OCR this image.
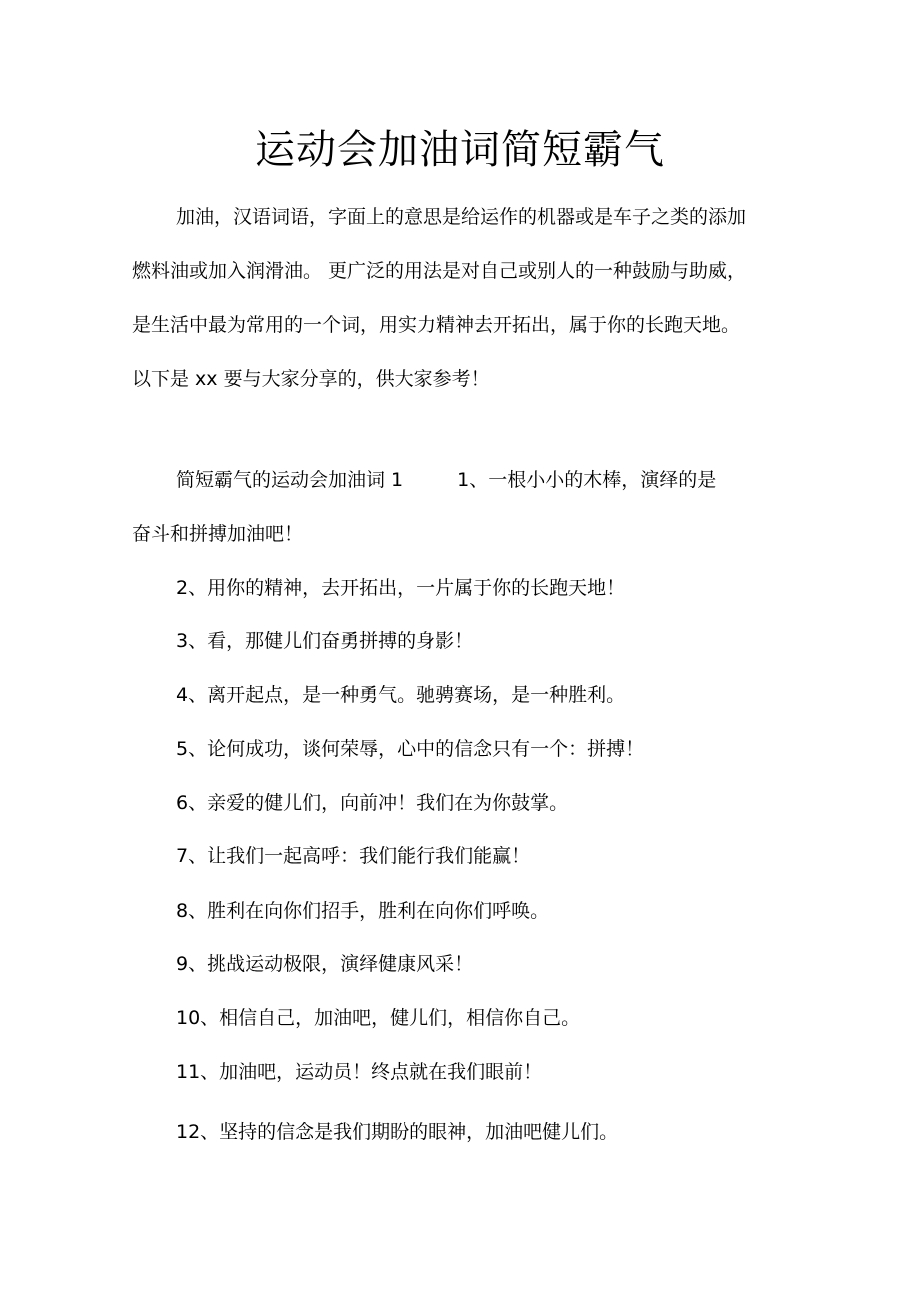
运动会加油词简短霸气

加油，汉语词语，字面上的意思是给运作的机器或是车子之类的添加燃料油或加入润滑油。 更广泛的用法是对自己或别人的一种鼓励与助威，是生活中最为常用的一个词，用实力精神去开拓出，属于你的长跑天地。以下是 xx 要与大家分享的，供大家参考！

简短霸气的运动会加油词 1	1、一根小小的木棒，演绎的是

奋斗和拼搏加油吧！

2、用你的精神，去开拓出，一片属于你的长跑天地！

3、看，那健儿们奋勇拼搏的身影！

4、离开起点，是一种勇气。驰骋赛场，是一种胜利。

5、论何成功，谈何荣辱，心中的信念只有一个：拼搏！

6、亲爱的健儿们，向前冲！我们在为你鼓掌。

7、让我们一起高呼：我们能行我们能赢！

8、胜利在向你们招手，胜利在向你们呼唤。

9、挑战运动极限，演绎健康风采！

10、相信自己，加油吧，健儿们，相信你自己。

11、加油吧，运动员！终点就在我们眼前！

12、坚持的信念是我们期盼的眼神，加油吧健儿们。
